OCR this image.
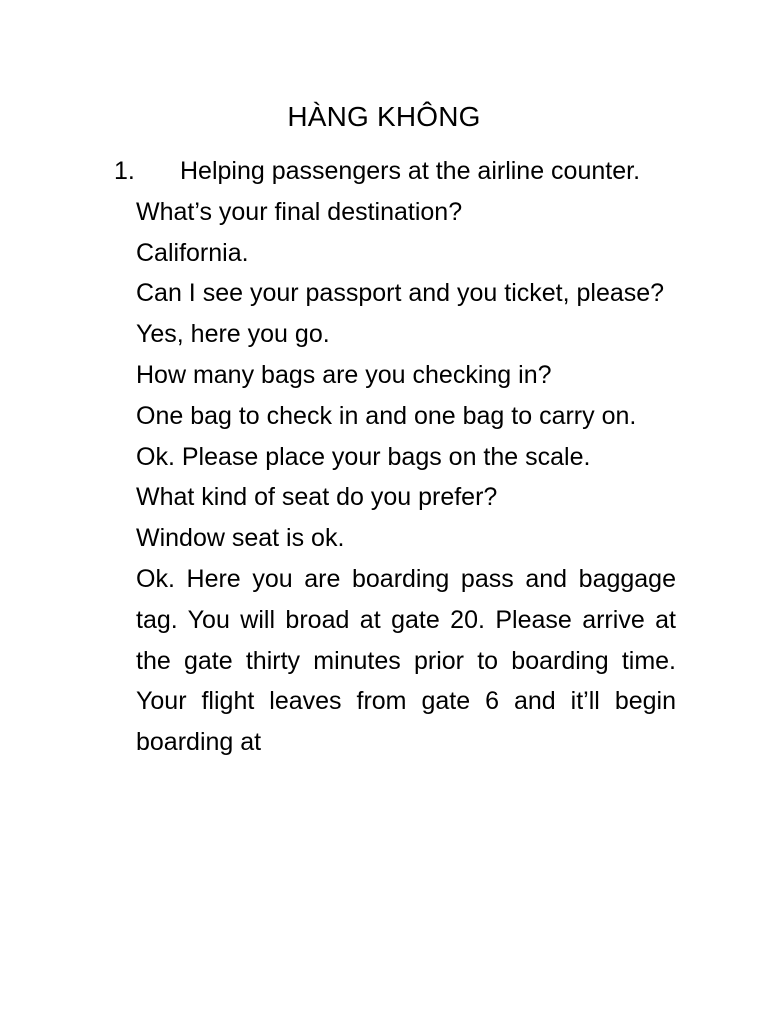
HÀNG KHÔNG
1.	Helping passengers at the airline counter.

What’s your final destination?

California.

Can I see your passport and you ticket, please?

Yes, here you go.

How many bags are you checking in?

One bag to check in and one bag to carry on.

Ok. Please place your bags on the scale.

What kind of seat do you prefer?

Window seat is ok.

Ok. Here you are boarding pass and baggage tag. You will broad at gate 20. Please arrive at the gate thirty minutes prior to boarding time. Your flight leaves from gate 6 and it’ll begin boarding at
